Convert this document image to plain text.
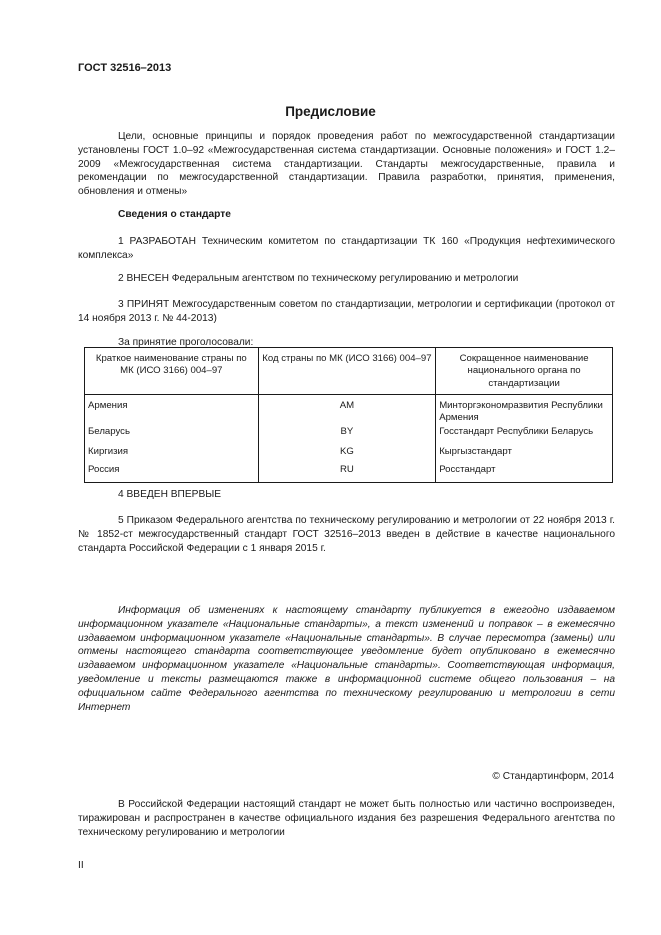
ГОСТ 32516–2013
Предисловие
Цели, основные принципы и порядок проведения работ по межгосударственной стандартизации установлены ГОСТ 1.0–92 «Межгосударственная система стандартизации. Основные положения» и ГОСТ 1.2–2009 «Межгосударственная система стандартизации. Стандарты межгосударственные, правила и рекомендации по межгосударственной стандартизации. Правила разработки, принятия, применения, обновления и отмены»
Сведения о стандарте
1 РАЗРАБОТАН Техническим комитетом по стандартизации ТК 160 «Продукция нефтехимического комплекса»
2 ВНЕСЕН Федеральным агентством по техническому регулированию и метрологии
3 ПРИНЯТ Межгосударственным советом по стандартизации, метрологии и сертификации (протокол от 14 ноября 2013 г. № 44-2013)
За принятие проголосовали:
Краткое наименование страны по МК (ИСО 3166) 004–97	Код страны по МК (ИСО 3166) 004–97	Сокращенное наименование национального органа по стандартизации
Армения	AM	Минторгэкономразвития Республики Армения
Беларусь	BY	Госстандарт Республики Беларусь
Киргизия	KG	Кыргызстандарт
Россия	RU	Росстандарт
4 ВВЕДЕН ВПЕРВЫЕ
5 Приказом Федерального агентства по техническому регулированию и метрологии от 22 ноября 2013 г. № 1852-ст межгосударственный стандарт ГОСТ 32516–2013 введен в действие в качестве национального стандарта Российской Федерации с 1 января 2015 г.
Информация об изменениях к настоящему стандарту публикуется в ежегодно издаваемом информационном указателе «Национальные стандарты», а текст изменений и поправок – в ежемесячно издаваемом информационном указателе «Национальные стандарты». В случае пересмотра (замены) или отмены настоящего стандарта соответствующее уведомление будет опубликовано в ежемесячно издаваемом информационном указателе «Национальные стандарты». Соответствующая информация, уведомление и тексты размещаются также в информационной системе общего пользования – на официальном сайте Федерального агентства по техническому регулированию и метрологии в сети Интернет
© Стандартинформ, 2014
В Российской Федерации настоящий стандарт не может быть полностью или частично воспроизведен, тиражирован и распространен в качестве официального издания без разрешения Федерального агентства по техническому регулированию и метрологии
II
